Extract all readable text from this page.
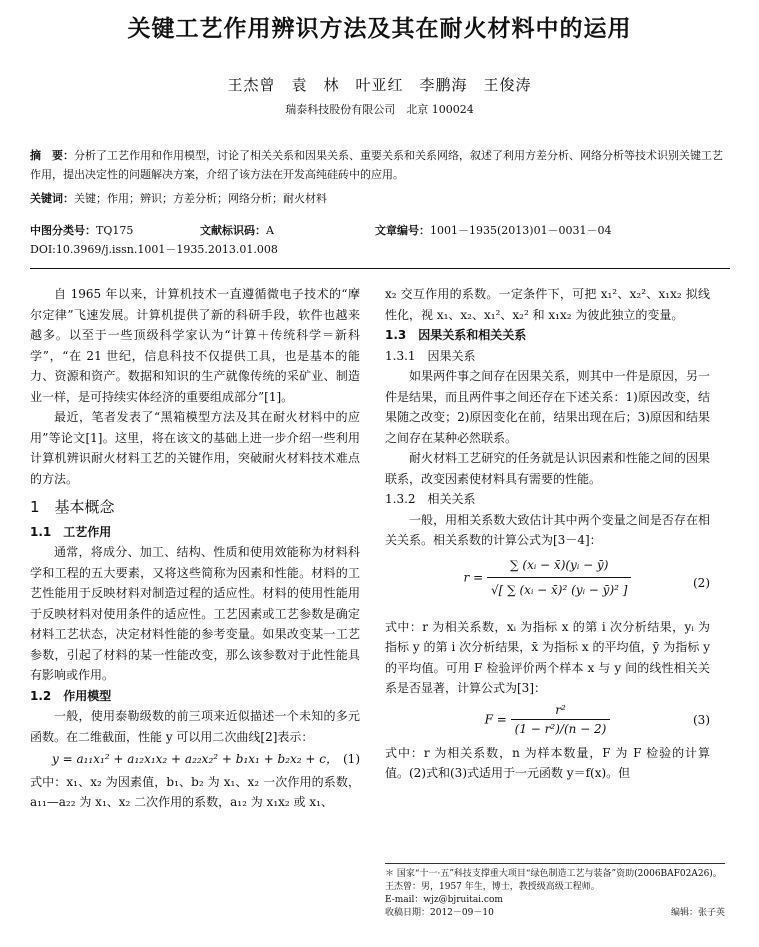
关键工艺作用辨识方法及其在耐火材料中的运用
王杰曾　袁　林　叶亚红　李鹏海　王俊涛
瑞泰科技股份有限公司　北京 100024
摘　要：分析了工艺作用和作用模型，讨论了相关关系和因果关系、重要关系和关系网络，叙述了利用方差分析、网络分析等技术识别关键工艺作用，提出决定性的问题解决方案，介绍了该方法在开发高纯硅砖中的应用。
关键词：关键；作用；辨识；方差分析；网络分析；耐火材料
中图分类号：TQ175	文献标识码：A	文章编号：1001－1935(2013)01－0031－04
DOI:10.3969/j.issn.1001－1935.2013.01.008

自 1965 年以来，计算机技术一直遵循微电子技术的“摩尔定律”飞速发展。计算机提供了新的科研手段，软件也越来越多。以至于一些顶级科学家认为“计算＋传统科学＝新科学”，“在 21 世纪，信息科技不仅提供工具，也是基本的能力、资源和资产。数据和知识的生产就像传统的采矿业、制造业一样，是可持续实体经济的重要组成部分”[1]。

最近，笔者发表了“黑箱模型方法及其在耐火材料中的应用”等论文[1]。这里，将在该文的基础上进一步介绍一些利用计算机辨识耐火材料工艺的关键作用，突破耐火材料技术难点的方法。

1　基本概念
1.1　工艺作用

通常，将成分、加工、结构、性质和使用效能称为材料科学和工程的五大要素，又将这些简称为因素和性能。材料的工艺性能用于反映材料对制造过程的适应性。材料的使用性能用于反映材料对使用条件的适应性。工艺因素或工艺参数是确定材料工艺状态，决定材料性能的参考变量。如果改变某一工艺参数，引起了材料的某一性能改变，那么该参数对于此性能具有影响或作用。

1.2　作用模型

一般，使用泰勒级数的前三项来近似描述一个未知的多元函数。在二维截面，性能 y 可以用二次曲线[2]表示：

y = a₁₁x₁² + a₁₂x₁x₂ + a₂₂x₂² + b₁x₁ + b₂x₂ + c， (1)

式中：x₁、x₂ 为因素值，b₁、b₂ 为 x₁、x₂ 一次作用的系数，a₁₁—a₂₂ 为 x₁、x₂ 二次作用的系数，a₁₂ 为 x₁x₂ 或 x₁、

x₂ 交互作用的系数。一定条件下，可把 x₁²、x₂²、x₁x₂ 拟线性化，视 x₁、x₂、x₁²、x₂² 和 x₁x₂ 为彼此独立的变量。

1.3　因果关系和相关关系
1.3.1　因果关系

如果两件事之间存在因果关系，则其中一件是原因，另一件是结果，而且两件事之间还存在下述关系：1)原因改变，结果随之改变；2)原因变化在前，结果出现在后；3)原因和结果之间存在某种必然联系。

耐火材料工艺研究的任务就是认识因素和性能之间的因果联系，改变因素使材料具有需要的性能。

1.3.2　相关关系

一般，用相关系数大致估计其中两个变量之间是否存在相关关系。相关系数的计算公式为[3－4]：

$r = \frac{\text{∑ (xᵢ − x̄)(yᵢ − ȳ)}}{\text{√[ ∑ (xᵢ − x̄)² (yᵢ − ȳ)² ]}}$	(2)

式中：r 为相关系数，xᵢ 为指标 x 的第 i 次分析结果，yᵢ 为指标 y 的第 i 次分析结果，x̄ 为指标 x 的平均值，ȳ 为指标 y 的平均值。可用 F 检验评价两个样本 x 与 y 间的线性相关关系是否显著，计算公式为[3]：

$F = \frac{\text{r²}}{\text{(1 − r²)/(n − 2)}}$	(3)

式中：r 为相关系数，n 为样本数量，F 为 F 检验的计算值。(2)式和(3)式适用于一元函数 y＝f(x)。但

＊ 国家“十一·五”科技支撑重大项目“绿色制造工艺与装备”资助(2006BAF02A26)。
王杰曾：男，1957 年生，博士，教授级高级工程师。
E-mail：wjz@bjruitai.com
收稿日期：2012－09－10	编辑：张子英
